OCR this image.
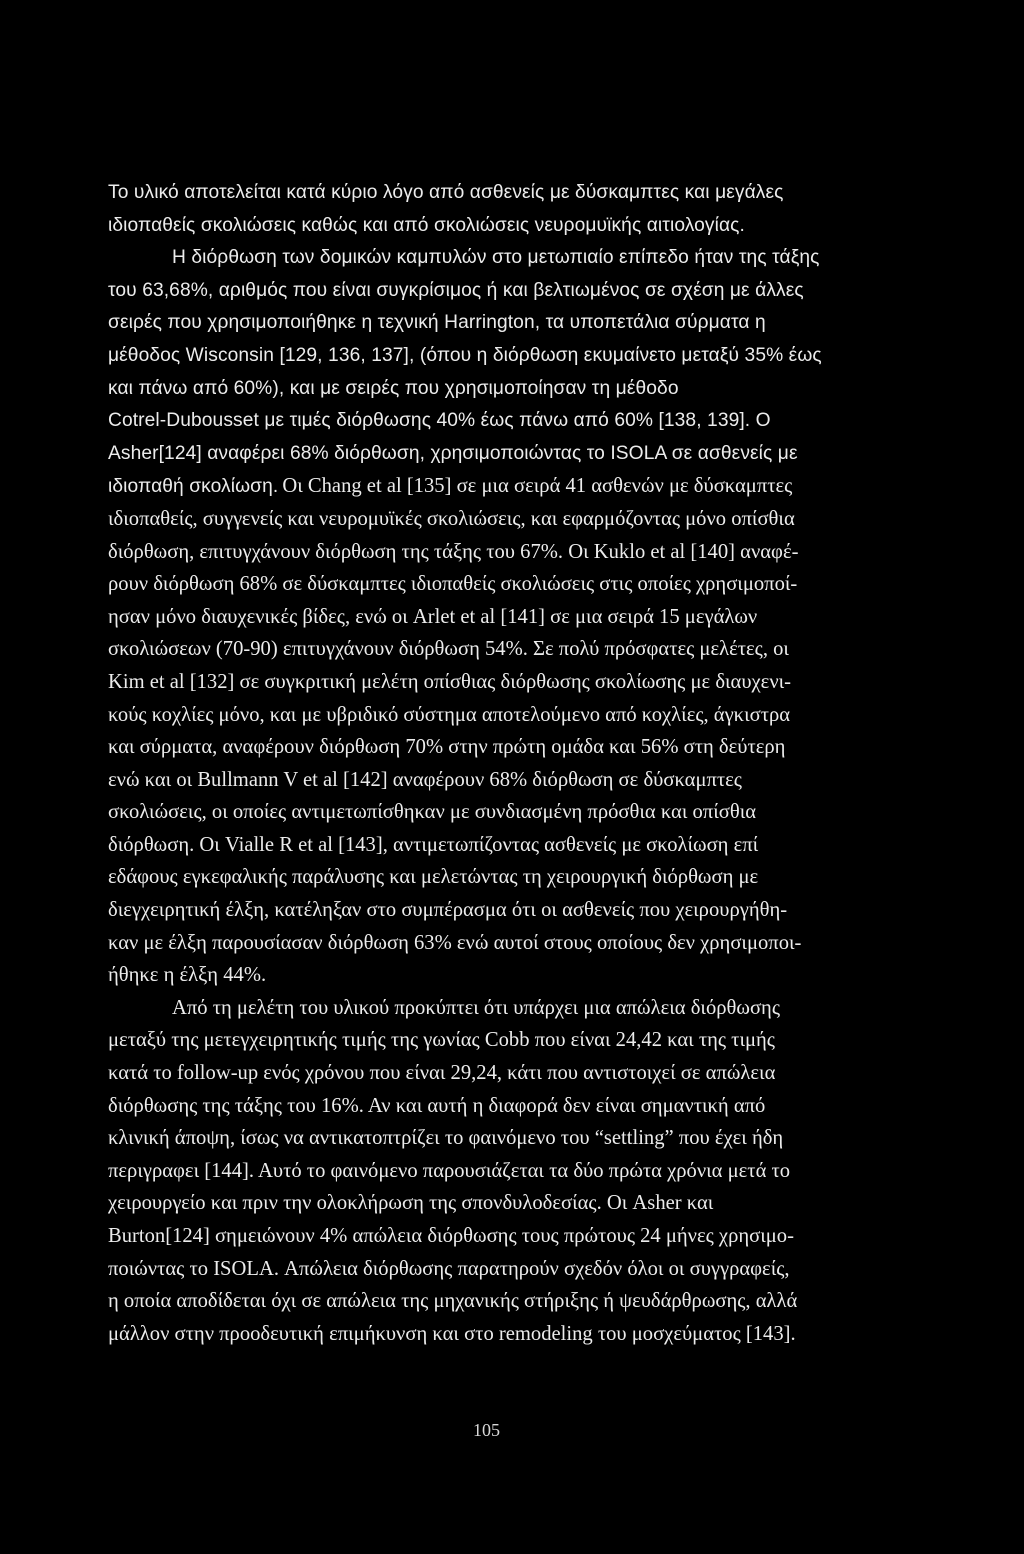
Το υλικό αποτελείται κατά κύριο λόγο από ασθενείς με δύσκαμπτες και μεγάλες
ιδιοπαθείς σκολιώσεις καθώς και από σκολιώσεις νευρομυϊκής αιτιολογίας.
Η διόρθωση των δομικών καμπυλών στο μετωπιαίο επίπεδο ήταν της τάξης
του 63,68%, αριθμός που είναι συγκρίσιμος ή και βελτιωμένος σε σχέση με άλλες
σειρές που χρησιμοποιήθηκε η τεχνική Harrington, τα υποπετάλια σύρματα η
μέθοδος Wisconsin [129, 136, 137], (όπου η διόρθωση εκυμαίνετο μεταξύ 35% έως
και πάνω από 60%), και με σειρές που χρησιμοποίησαν τη μέθοδο
Cotrel-Dubousset με τιμές διόρθωσης 40% έως πάνω από 60% [138, 139]. Ο
Asher[124] αναφέρει 68% διόρθωση, χρησιμοποιώντας το ISOLA σε ασθενείς με
ιδιοπαθή σκολίωση. Οι Chang et al [135] σε μια σειρά 41 ασθενών με δύσκαμπτες
ιδιοπαθείς, συγγενείς και νευρομυϊκές σκολιώσεις, και εφαρμόζοντας μόνο οπίσθια
διόρθωση, επιτυγχάνουν διόρθωση της τάξης του 67%. Οι Kuklo et al [140] αναφέ-
ρουν διόρθωση 68% σε δύσκαμπτες ιδιοπαθείς σκολιώσεις στις οποίες χρησιμοποί-
ησαν μόνο διαυχενικές βίδες, ενώ οι Arlet et al [141] σε μια σειρά 15 μεγάλων
σκολιώσεων (70-90) επιτυγχάνουν διόρθωση 54%. Σε πολύ πρόσφατες μελέτες, οι
Kim et al [132] σε συγκριτική μελέτη οπίσθιας διόρθωσης σκολίωσης με διαυχενι-
κούς κοχλίες μόνο, και με υβριδικό σύστημα αποτελούμενο από κοχλίες, άγκιστρα
και σύρματα, αναφέρουν διόρθωση 70% στην πρώτη ομάδα και 56% στη δεύτερη
ενώ και οι Bullmann V et al [142] αναφέρουν 68% διόρθωση σε δύσκαμπτες
σκολιώσεις, οι οποίες αντιμετωπίσθηκαν με συνδιασμένη πρόσθια και οπίσθια
διόρθωση. Οι Vialle R et al [143], αντιμετωπίζοντας ασθενείς με σκολίωση επί
εδάφους εγκεφαλικής παράλυσης και μελετώντας τη χειρουργική διόρθωση με
διεγχειρητική έλξη, κατέληξαν στο συμπέρασμα ότι οι ασθενείς που χειρουργήθη-
καν με έλξη παρουσίασαν διόρθωση 63% ενώ αυτοί στους οποίους δεν χρησιμοποι-
ήθηκε η έλξη 44%.
Από τη μελέτη του υλικού προκύπτει ότι υπάρχει μια απώλεια διόρθωσης
μεταξύ της μετεγχειρητικής τιμής της γωνίας Cobb που είναι 24,42 και της τιμής
κατά το follow-up ενός χρόνου που είναι 29,24, κάτι που αντιστοιχεί σε απώλεια
διόρθωσης της τάξης του 16%. Αν και αυτή η διαφορά δεν είναι σημαντική από
κλινική άποψη, ίσως να αντικατοπτρίζει το φαινόμενο του “settling” που έχει ήδη
περιγραφει [144]. Αυτό το φαινόμενο παρουσιάζεται τα δύο πρώτα χρόνια μετά το
χειρουργείο και πριν την ολοκλήρωση της σπονδυλοδεσίας. Οι Asher και
Burton[124] σημειώνουν 4% απώλεια διόρθωσης τους πρώτους 24 μήνες χρησιμο-
ποιώντας το ISOLA. Απώλεια διόρθωσης παρατηρούν σχεδόν όλοι οι συγγραφείς,
η οποία αποδίδεται όχι σε απώλεια της μηχανικής στήριξης ή ψευδάρθρωσης, αλλά
μάλλον στην προοδευτική επιμήκυνση και στο remodeling του μοσχεύματος [143].
105
